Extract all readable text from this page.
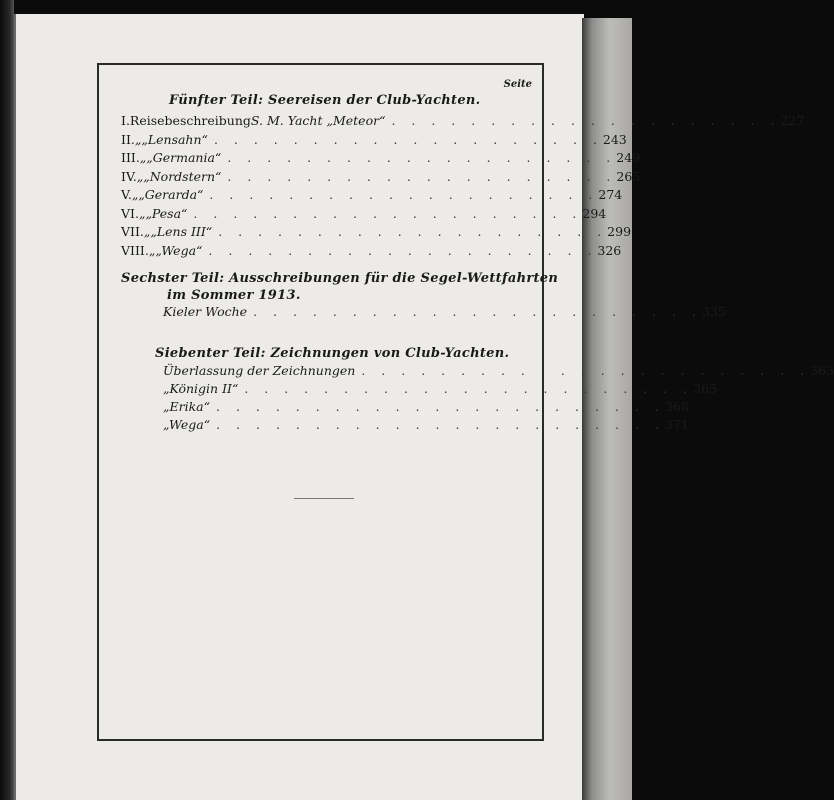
Seite
Fünfter Teil: Seereisen der Club-Yachten.
I. Reisebeschreibung S. M. Yacht „Meteor“ . . . . . . . . . . . . . . . . . . . . 227
II. „ „Lensahn“ . . . . . . . . . . . . . . . . . . . . 243
III. „ „Germania“ . . . . . . . . . . . . . . . . . . . . 249
IV. „ „Nordstern“ . . . . . . . . . . . . . . . . . . . . 265
V. „ „Gerarda“ . . . . . . . . . . . . . . . . . . . . 274
VI. „ „Pesa“ . . . . . . . . . . . . . . . . . . . . 294
VII. „ „Lens III“ . . . . . . . . . . . . . . . . . . . . 299
VIII. „ „Wega“ . . . . . . . . . . . . . . . . . . . . 326
Sechster Teil: Ausschreibungen für die Segel-Wettfahrten
im Sommer 1913.
Kieler Woche . . . . . . . . . . . . . . . . . . . . . . . 335
Siebenter Teil: Zeichnungen von Club-Yachten.
Überlassung der Zeichnungen . . . . . . . . . . . . . . . . . . . . . . . 363
„Königin II“ . . . . . . . . . . . . . . . . . . . . . . . 365
„Erika“ . . . . . . . . . . . . . . . . . . . . . . . 368
„Wega“ . . . . . . . . . . . . . . . . . . . . . . . 371
